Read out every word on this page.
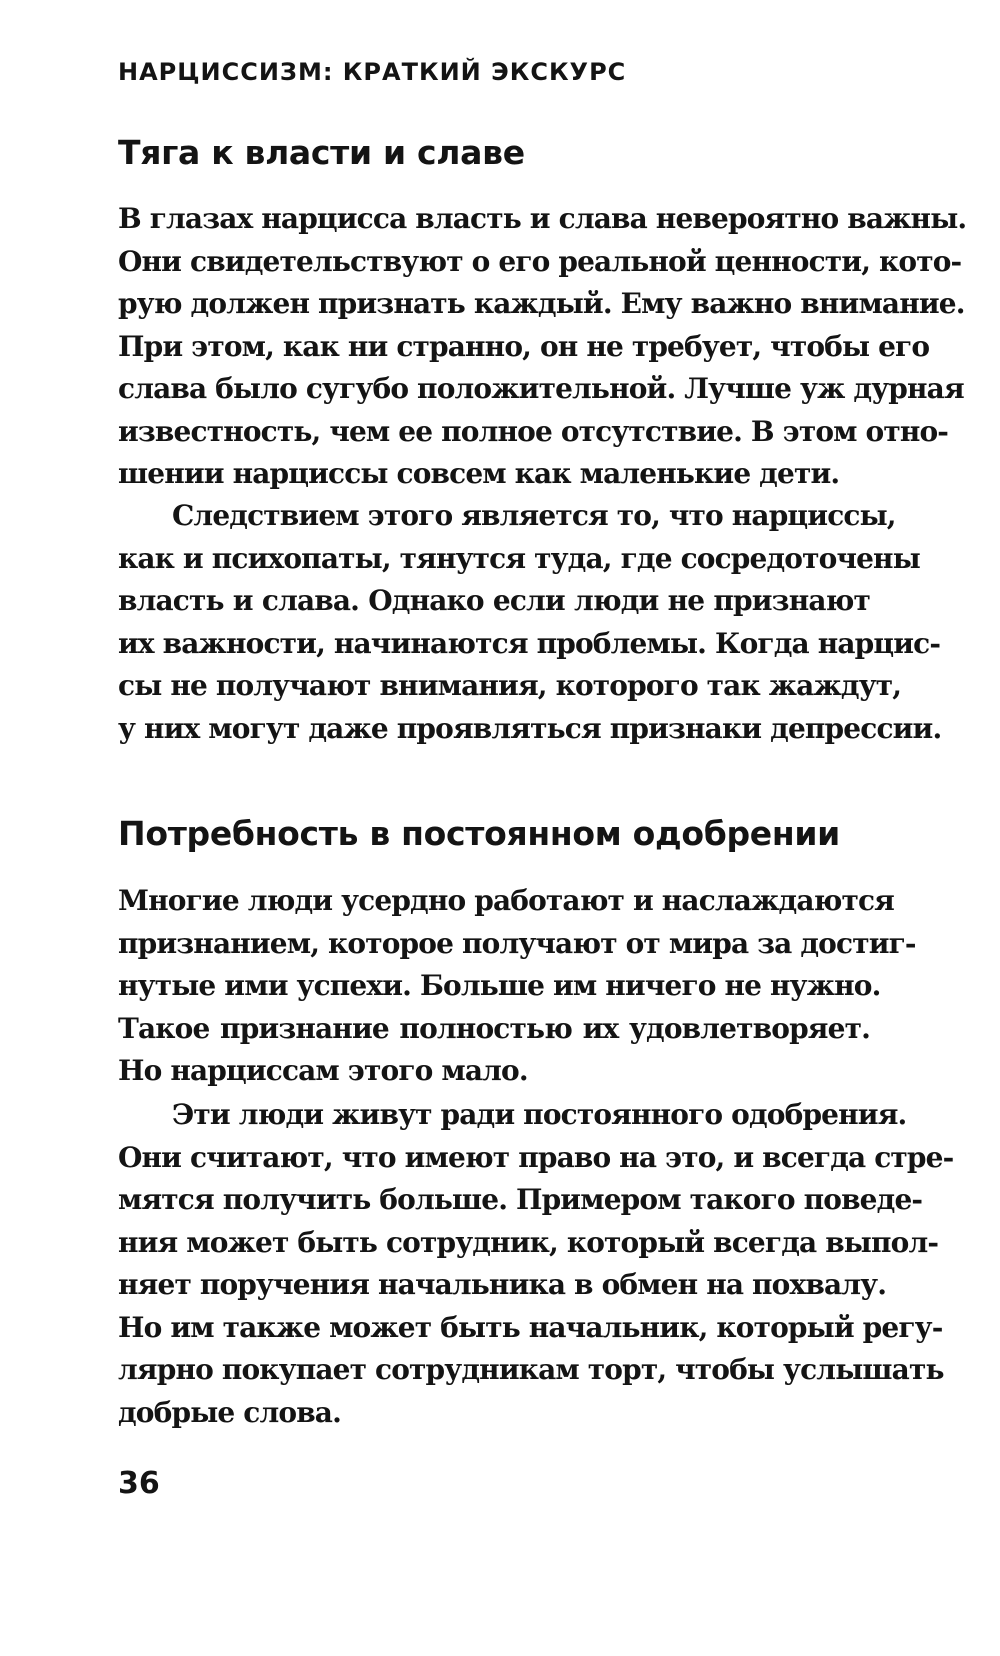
НАРЦИССИЗМ: КРАТКИЙ ЭКСКУРС
Тяга к власти и славе
В глазах нарцисса власть и слава невероятно важны.
Они свидетельствуют о его реальной ценности, кото-
рую должен признать каждый. Ему важно внимание.
При этом, как ни странно, он не требует, чтобы его
слава было сугубо положительной. Лучше уж дурная
известность, чем ее полное отсутствие. В этом отно-
шении нарциссы совсем как маленькие дети.
Следствием этого является то, что нарциссы,
как и психопаты, тянутся туда, где сосредоточены
власть и слава. Однако если люди не признают
их важности, начинаются проблемы. Когда нарцис-
сы не получают внимания, которого так жаждут,
у них могут даже проявляться признаки депрессии.
Потребность в постоянном одобрении
Многие люди усердно работают и наслаждаются
признанием, которое получают от мира за достиг-
нутые ими успехи. Больше им ничего не нужно.
Такое признание полностью их удовлетворяет.
Но нарциссам этого мало.
Эти люди живут ради постоянного одобрения.
Они считают, что имеют право на это, и всегда стре-
мятся получить больше. Примером такого поведе-
ния может быть сотрудник, который всегда выпол-
няет поручения начальника в обмен на похвалу.
Но им также может быть начальник, который регу-
лярно покупает сотрудникам торт, чтобы услышать
добрые слова.
36
